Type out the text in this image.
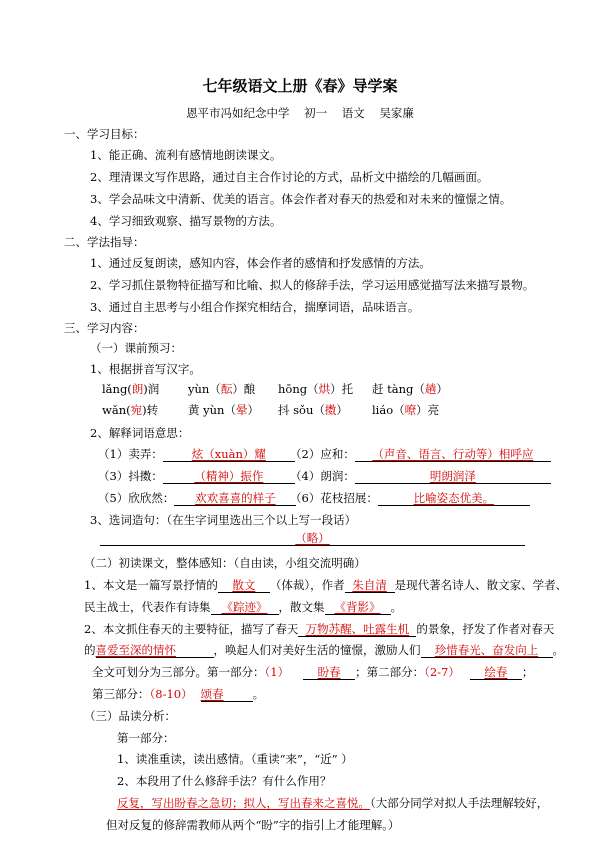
七年级语文上册《春》导学案
恩平市冯如纪念中学    初一    语文    吴家廉
一、学习目标：
1、能正确、流利有感情地朗读课文。
2、理清课文写作思路，通过自主合作讨论的方式，品析文中描绘的几幅画面。
3、学会品味文中清新、优美的语言。体会作者对春天的热爱和对未来的憧憬之情。
4、学习细致观察、描写景物的方法。
二、学法指导：
1、通过反复朗读，感知内容，体会作者的感情和抒发感情的方法。
2、学习抓住景物特征描写和比喻、拟人的修辞手法，学习运用感觉描写法来描写景物。
3、通过自主思考与小组合作探究相结合，揣摩词语，品味语言。
三、学习内容：
（一）课前预习：
1、根据拼音写汉字。
lǎng(朗)润 yùn（酝）酿 hōng（烘）托 赶 tàng（趟）
wǎn(宛)转	黄 yùn（晕） 抖 sǒu（擞） liáo（嘹）亮
2、解释词语意思：
（1）卖弄：	炫（xuàn）耀	（2）应和： （声音、语言、行动等）相呼应
（3）抖擞：	（精神）振作	（4）朗润：	明朗润泽
（5）欣欣然： 欢欢喜喜的样子	（6）花枝招展：	比喻姿态优美。
3、选词造句：（在生字词里选出三个以上写一段话）
（略）
（二）初读课文，整体感知：（自由读，小组交流明确）
1、本文是一篇写景抒情的 散文 （体裁），作者 朱自清 是现代著名诗人、散文家、学者、
民主战士，代表作有诗集 《踪迹》 ，散文集 《背影》 。
2、本文抓住春天的主要特征，描写了春天 万物苏醒、吐露生机 的景象，抒发了作者对春天
的喜爱至深的情怀	，唤起人们对美好生活的憧憬，激励人们 珍惜春光、奋发向上 。
全文可划分为三部分。第一部分：（1） 盼春 ；第二部分：（2-7） 绘春 ；
第三部分：（8-10） 颂春	。
（三）品读分析：
第一部分：
1、读准重读，读出感情。（重读“来”，“近” ）
2、本段用了什么修辞手法？有什么作用？
反复，写出盼春之急切；拟人，写出春来之喜悦。（大部分同学对拟人手法理解较好，
但对反复的修辞需教师从两个“盼”字的指引上才能理解。）
